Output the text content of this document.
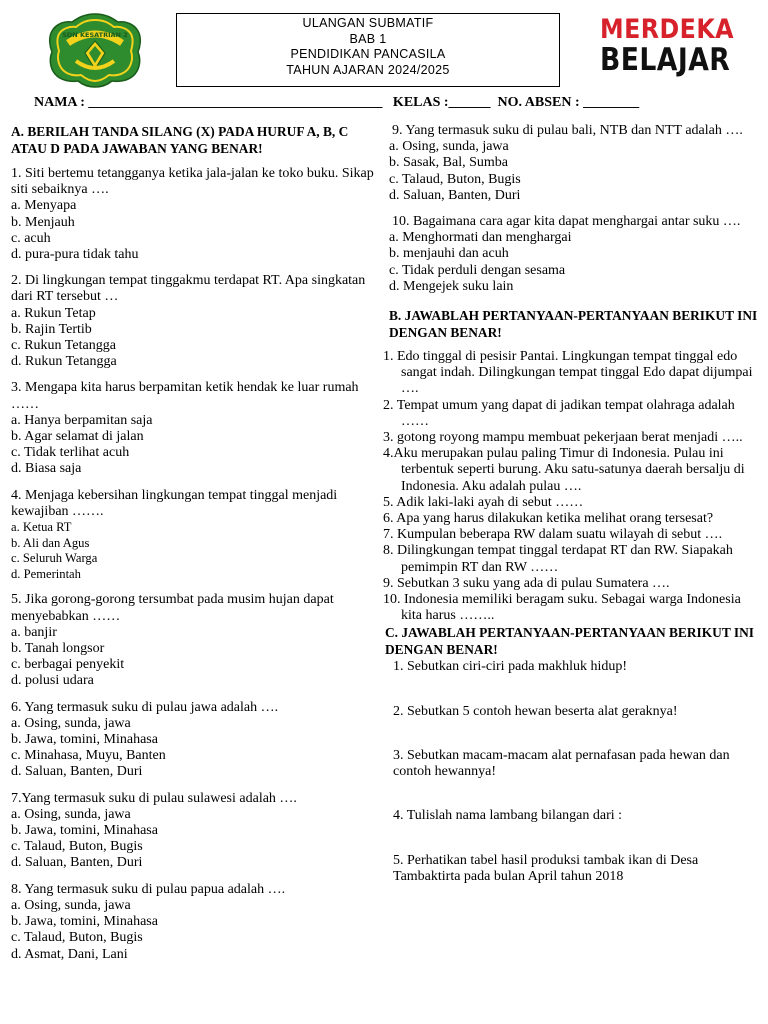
SDN KESATRIAN 2
ULANGAN SUBMATIF
BAB 1
PENDIDIKAN PANCASILA
TAHUN AJARAN 2024/2025
MERDEKA
BELAJAR
NAMA : __________________________________________   KELAS :______  NO. ABSEN : ________
A. BERILAH TANDA SILANG (X) PADA HURUF A, B, C ATAU D PADA JAWABAN YANG BENAR!
1. Siti bertemu tetangganya ketika jala-jalan ke toko buku. Sikap siti sebaiknya ….
a. Menyapa
b. Menjauh
c. acuh
d. pura-pura tidak tahu
2. Di lingkungan tempat tinggakmu terdapat RT. Apa singkatan dari RT tersebut …
a. Rukun Tetap
b. Rajin Tertib
c. Rukun Tetangga
d. Rukun Tetangga
3. Mengapa kita harus berpamitan ketik hendak ke luar rumah ……
a. Hanya berpamitan saja
b. Agar selamat di jalan
c. Tidak terlihat acuh
d. Biasa saja
4. Menjaga kebersihan lingkungan tempat tinggal menjadi kewajiban …….
a. Ketua RT
b. Ali dan Agus
c. Seluruh Warga
d. Pemerintah
5. Jika gorong-gorong tersumbat pada musim hujan dapat menyebabkan ……
a. banjir
b. Tanah longsor
c. berbagai penyekit
d. polusi udara
6. Yang termasuk suku di pulau jawa adalah ….
a. Osing, sunda, jawa
b. Jawa, tomini, Minahasa
c. Minahasa, Muyu, Banten
d. Saluan, Banten, Duri
7.Yang termasuk suku di pulau sulawesi adalah ….
a. Osing, sunda, jawa
b. Jawa, tomini, Minahasa
c. Talaud, Buton, Bugis
d. Saluan, Banten, Duri
8. Yang termasuk suku di pulau papua adalah ….
a. Osing, sunda, jawa
b. Jawa, tomini, Minahasa
c. Talaud, Buton, Bugis
d. Asmat, Dani, Lani
9. Yang termasuk suku di pulau bali, NTB dan NTT adalah ….
a. Osing, sunda, jawa
b. Sasak, Bal, Sumba
c. Talaud, Buton, Bugis
d. Saluan, Banten, Duri
10. Bagaimana cara agar kita dapat menghargai antar suku ….
a. Menghormati dan menghargai
b. menjauhi dan acuh
c. Tidak perduli dengan sesama
d. Mengejek suku lain
B. JAWABLAH PERTANYAAN-PERTANYAAN BERIKUT INI DENGAN BENAR!
1. Edo tinggal di pesisir Pantai. Lingkungan tempat tinggal edo sangat indah. Dilingkungan tempat tinggal Edo dapat dijumpai ….
2. Tempat umum yang dapat di jadikan tempat olahraga adalah ……
3. gotong royong mampu membuat pekerjaan berat menjadi …..
4.Aku merupakan pulau paling Timur di Indonesia. Pulau ini terbentuk seperti burung. Aku satu-satunya daerah bersalju di Indonesia. Aku adalah pulau ….
5. Adik laki-laki ayah di sebut ……
6. Apa yang harus dilakukan ketika melihat orang tersesat?
7. Kumpulan beberapa RW dalam suatu wilayah di sebut ….
8. Dilingkungan tempat tinggal terdapat RT dan RW. Siapakah pemimpin RT dan RW ……
9. Sebutkan 3 suku yang ada di pulau Sumatera ….
10. Indonesia memiliki beragam suku. Sebagai warga Indonesia kita harus ……..
C. JAWABLAH PERTANYAAN-PERTANYAAN BERIKUT INI DENGAN BENAR!
1. Sebutkan ciri-ciri pada makhluk hidup!
2. Sebutkan 5 contoh hewan beserta alat geraknya!
3. Sebutkan macam-macam alat pernafasan pada hewan dan contoh hewannya!
4. Tulislah nama lambang bilangan dari :
5. Perhatikan tabel hasil produksi tambak ikan di Desa Tambaktirta pada bulan April tahun 2018
